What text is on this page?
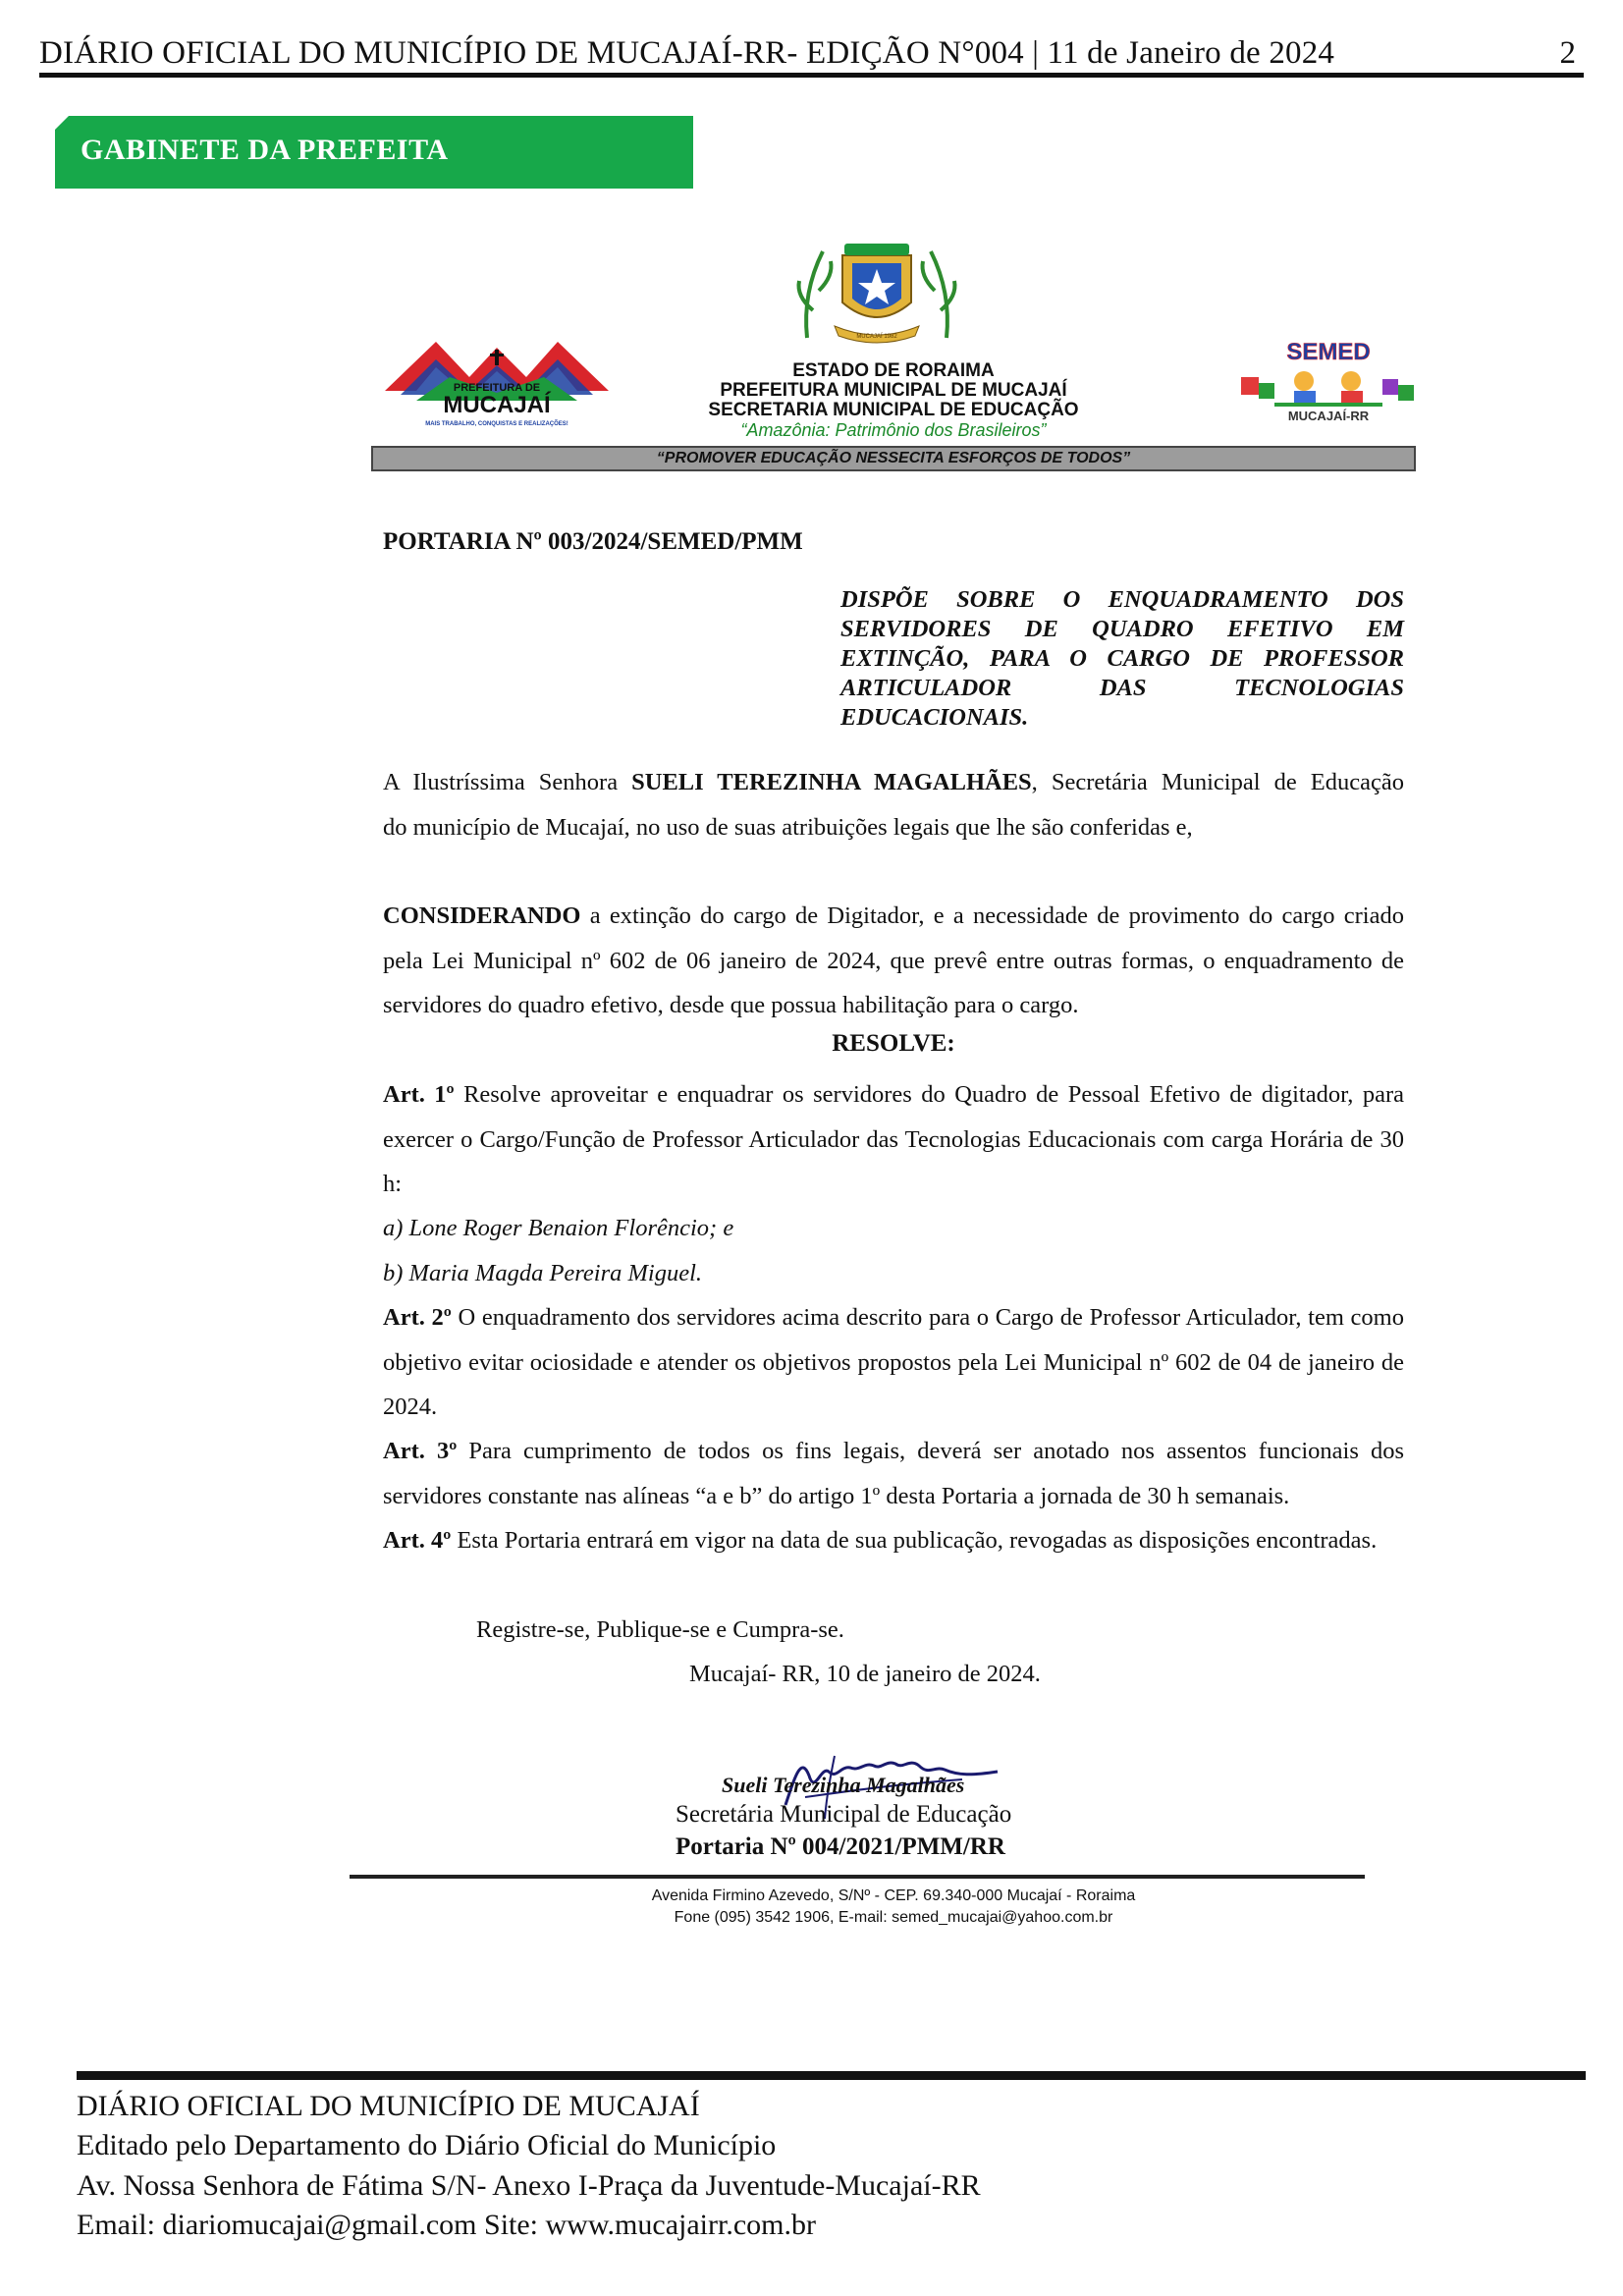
DIÁRIO OFICIAL DO MUNICÍPIO DE MUCAJAÍ-RR- EDIÇÃO N°004 | 11 de Janeiro de 2024	2
GABINETE DA PREFEITA
PREFEITURA DE
MUCAJAÍ
MAIS TRABALHO, CONQUISTAS E REALIZAÇÕES!
MUCAJAÍ 1982
ESTADO DE RORAIMA
PREFEITURA MUNICIPAL DE MUCAJAÍ
SECRETARIA MUNICIPAL DE EDUCAÇÃO
“Amazônia: Patrimônio dos Brasileiros”
SEMED
MUCAJAÍ-RR
“PROMOVER EDUCAÇÃO NESSECITA ESFORÇOS DE TODOS”
PORTARIA Nº 003/2024/SEMED/PMM
DISPÕE SOBRE O ENQUADRAMENTO DOS SERVIDORES DE QUADRO EFETIVO EM EXTINÇÃO, PARA O CARGO DE PROFESSOR ARTICULADOR DAS TECNOLOGIAS EDUCACIONAIS.
A Ilustríssima Senhora SUELI TEREZINHA MAGALHÃES, Secretária Municipal de Educação
do município de Mucajaí, no uso de suas atribuições legais que lhe são conferidas e,
CONSIDERANDO a extinção do cargo de Digitador, e a necessidade de provimento do cargo criado pela Lei Municipal nº 602 de 06 janeiro de 2024, que prevê entre outras formas, o enquadramento de servidores do quadro efetivo, desde que possua habilitação para o cargo.
RESOLVE:
Art. 1º Resolve aproveitar e enquadrar os servidores do Quadro de Pessoal Efetivo de digitador, para exercer o Cargo/Função de Professor Articulador das Tecnologias Educacionais com carga Horária de 30 h:
a) Lone Roger Benaion Florêncio; e
b) Maria Magda Pereira Miguel.
Art. 2º O enquadramento dos servidores acima descrito para o Cargo de Professor Articulador, tem como objetivo evitar ociosidade e atender os objetivos propostos pela Lei Municipal nº 602 de 04 de janeiro de 2024.
Art. 3º Para cumprimento de todos os fins legais, deverá ser anotado nos assentos funcionais dos servidores constante nas alíneas “a e b” do artigo 1º desta Portaria a jornada de 30 h semanais.
Art. 4º Esta Portaria entrará em vigor na data de sua publicação, revogadas as disposições encontradas.
Registre-se, Publique-se e Cumpra-se.
Mucajaí- RR, 10 de janeiro de 2024.
Sueli Terezinha Magalhães
Secretária Municipal de Educação
Portaria Nº 004/2021/PMM/RR
Avenida Firmino Azevedo, S/Nº - CEP. 69.340-000 Mucajaí - Roraima
Fone (095) 3542 1906, E-mail: semed_mucajai@yahoo.com.br
DIÁRIO OFICIAL DO MUNICÍPIO DE MUCAJAÍ
Editado pelo Departamento do Diário Oficial do Município
Av. Nossa Senhora de Fátima S/N- Anexo I-Praça da Juventude-Mucajaí-RR
Email: diariomucajai@gmail.com Site: www.mucajairr.com.br
